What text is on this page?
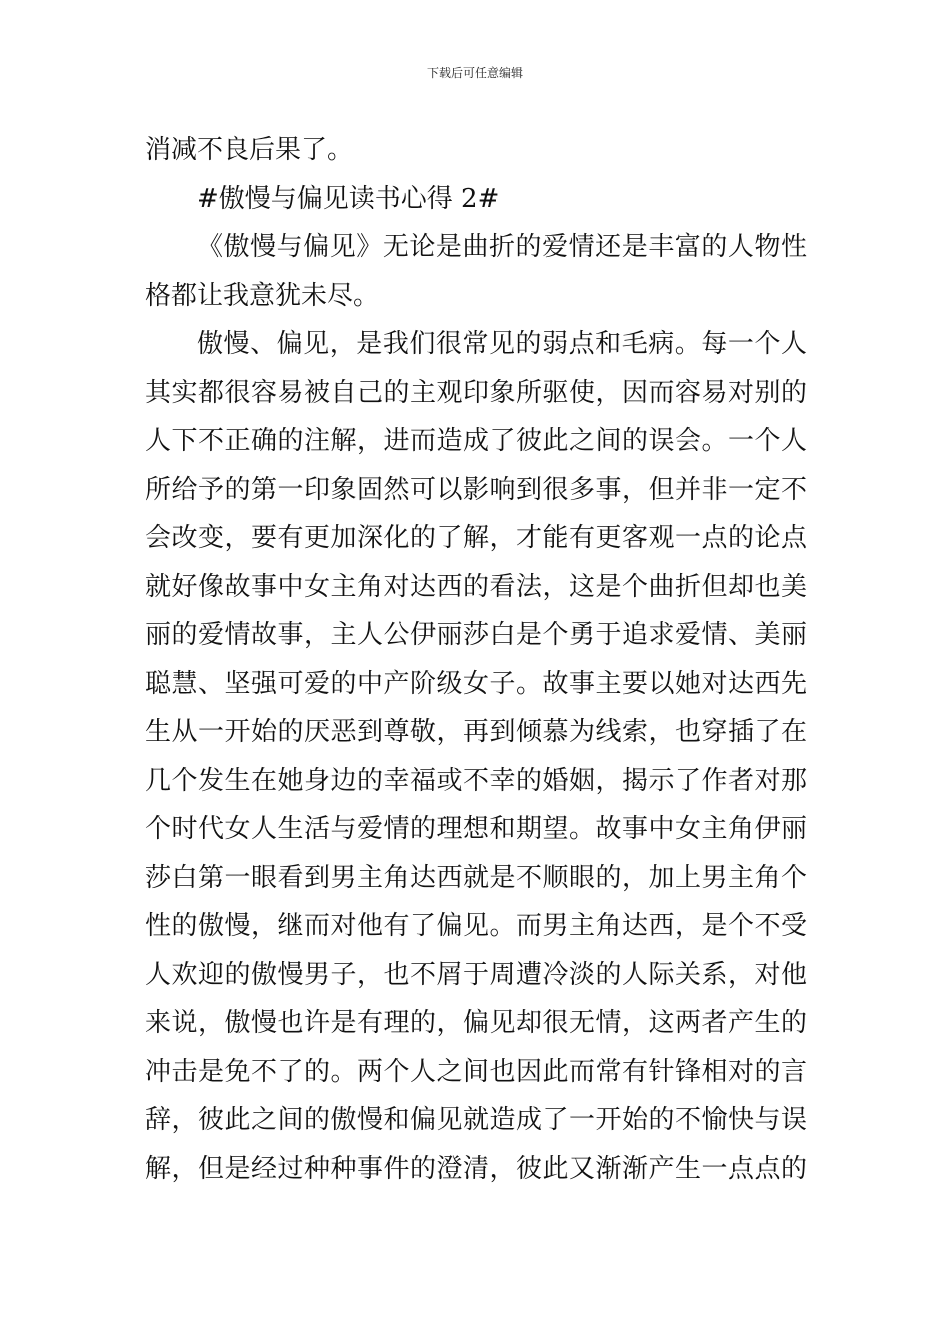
下载后可任意编辑
消减不良后果了。
#傲慢与偏见读书心得 2#
《傲慢与偏见》无论是曲折的爱情还是丰富的人物性
格都让我意犹未尽。
傲慢、偏见，是我们很常见的弱点和毛病。每一个人
其实都很容易被自己的主观印象所驱使，因而容易对别的
人下不正确的注解，进而造成了彼此之间的误会。一个人
所给予的第一印象固然可以影响到很多事，但并非一定不
会改变，要有更加深化的了解，才能有更客观一点的论点
就好像故事中女主角对达西的看法，这是个曲折但却也美
丽的爱情故事，主人公伊丽莎白是个勇于追求爱情、美丽
聪慧、坚强可爱的中产阶级女子。故事主要以她对达西先
生从一开始的厌恶到尊敬，再到倾慕为线索，也穿插了在
几个发生在她身边的幸福或不幸的婚姻，揭示了作者对那
个时代女人生活与爱情的理想和期望。故事中女主角伊丽
莎白第一眼看到男主角达西就是不顺眼的，加上男主角个
性的傲慢，继而对他有了偏见。而男主角达西，是个不受
人欢迎的傲慢男子，也不屑于周遭冷淡的人际关系，对他
来说，傲慢也许是有理的，偏见却很无情，这两者产生的
冲击是免不了的。两个人之间也因此而常有针锋相对的言
辞，彼此之间的傲慢和偏见就造成了一开始的不愉快与误
解，但是经过种种事件的澄清，彼此又渐渐产生一点点的
